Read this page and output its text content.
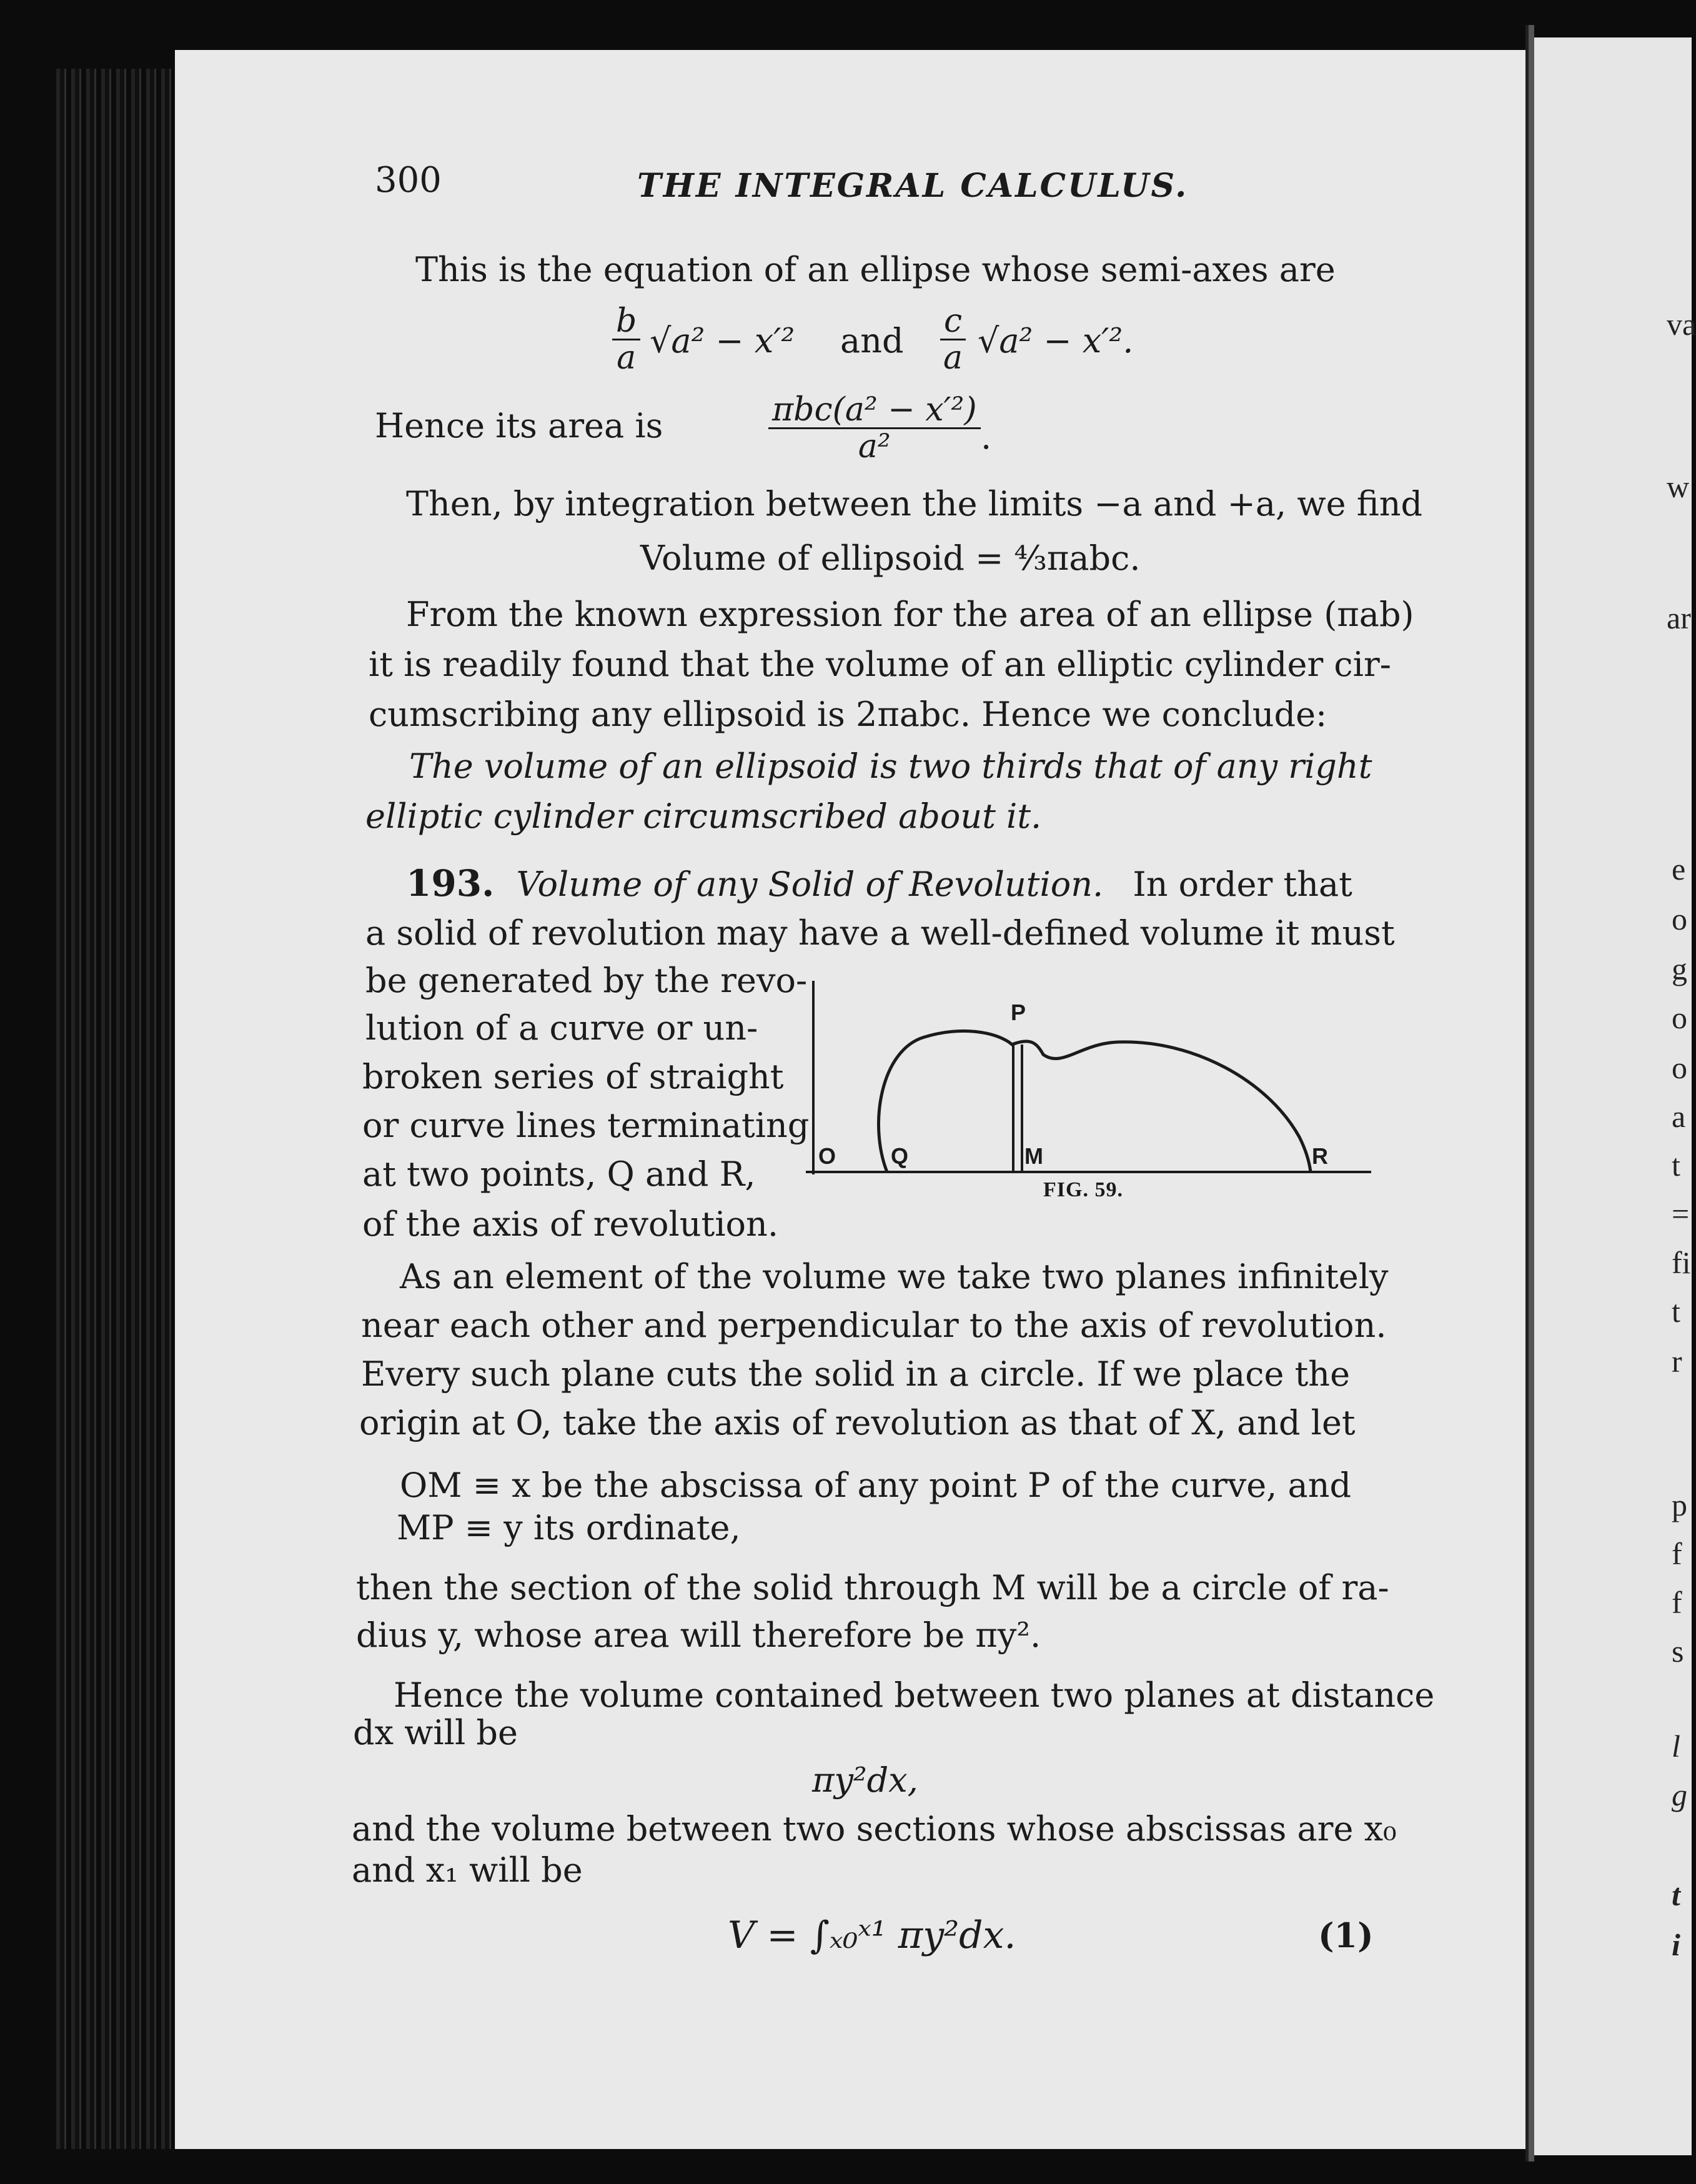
300	THE INTEGRAL CALCULUS.
This is the equation of an ellipse whose semi-axes are
$\frac{b}{a} √a^2 - x'^2$ and $\frac{c}{a} √a^2 - x'^2$.
Hence its area is	πbc(a² − x′²)
a²	.
Then, by integration between the limits −a and +a, we find
Volume of ellipsoid = ⁴⁄₃πabc.
From the known expression for the area of an ellipse (πab)
it is readily found that the volume of an elliptic cylinder cir-
cumscribing any ellipsoid is 2πabc. Hence we conclude:
The volume of an ellipsoid is two thirds that of any right
elliptic cylinder circumscribed about it.
193. Volume of any Solid of Revolution. In order that
a solid of revolution may have a well-defined volume it must
be generated by the revo-
lution of a curve or un-
broken series of straight
or curve lines terminating
at two points, Q and R,
of the axis of revolution.
O Q
P
M	R
FIG. 59.
As an element of the volume we take two planes infinitely
near each other and perpendicular to the axis of revolution.
Every such plane cuts the solid in a circle. If we place the
origin at O, take the axis of revolution as that of X, and let
OM ≡ x be the abscissa of any point P of the curve, and
MP ≡ y its ordinate,
then the section of the solid through M will be a circle of ra-
dius y, whose area will therefore be πy².
Hence the volume contained between two planes at distance
dx will be
πy²dx,
and the volume between two sections whose abscissas are x₀
and x₁ will be
V = ∫ₓ₀ˣ¹ πy²dx.	(1)
va
w
ar
e
o
g
o
o
a
t
=
fi
t
r
p
f
f
s
l
g
t
i
